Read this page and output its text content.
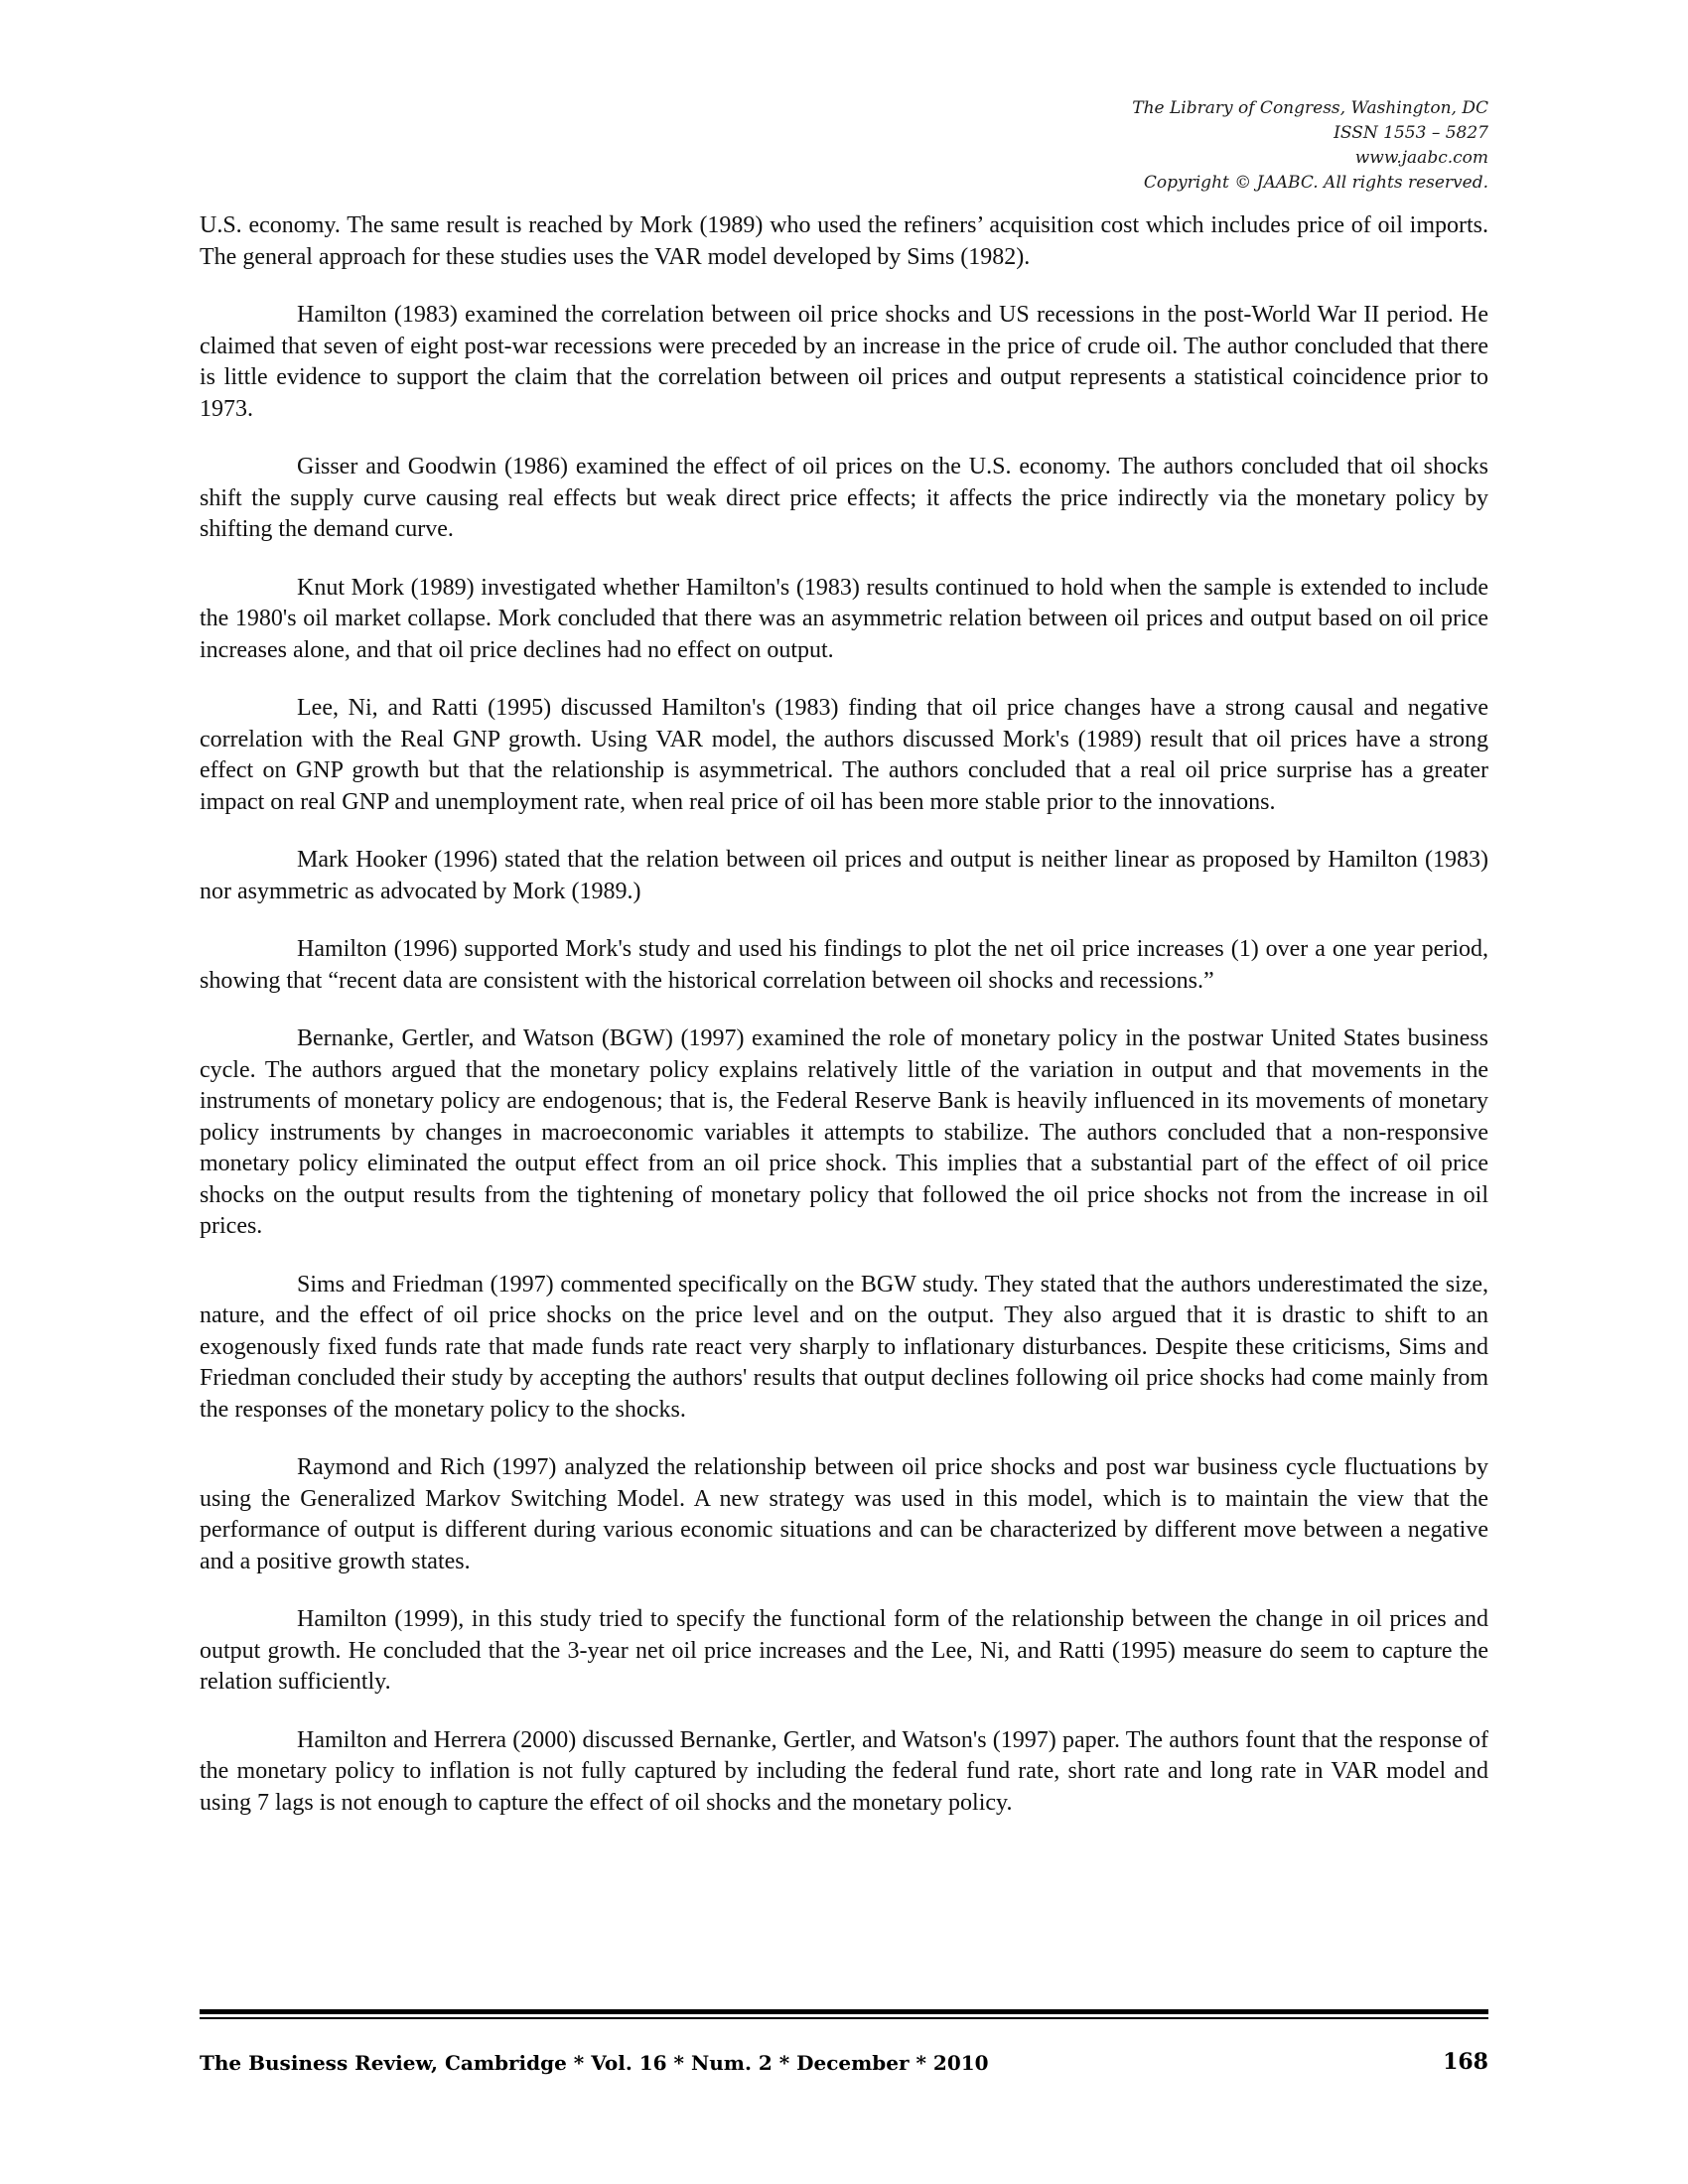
The Library of Congress, Washington, DC
ISSN 1553 – 5827
www.jaabc.com
Copyright © JAABC. All rights reserved.

U.S. economy. The same result is reached by Mork (1989) who used the refiners’ acquisition cost which includes price of oil imports. The general approach for these studies uses the VAR model developed by Sims (1982).

Hamilton (1983) examined the correlation between oil price shocks and US recessions in the post-World War II period. He claimed that seven of eight post-war recessions were preceded by an increase in the price of crude oil. The author concluded that there is little evidence to support the claim that the correlation between oil prices and output represents a statistical coincidence prior to 1973.

Gisser and Goodwin (1986) examined the effect of oil prices on the U.S. economy. The authors concluded that oil shocks shift the supply curve causing real effects but weak direct price effects; it affects the price indirectly via the monetary policy by shifting the demand curve.

Knut Mork (1989) investigated whether Hamilton's (1983) results continued to hold when the sample is extended to include the 1980's oil market collapse. Mork concluded that there was an asymmetric relation between oil prices and output based on oil price increases alone, and that oil price declines had no effect on output.

Lee, Ni, and Ratti (1995) discussed Hamilton's (1983) finding that oil price changes have a strong causal and negative correlation with the Real GNP growth. Using VAR model, the authors discussed Mork's (1989) result that oil prices have a strong effect on GNP growth but that the relationship is asymmetrical. The authors concluded that a real oil price surprise has a greater impact on real GNP and unemployment rate, when real price of oil has been more stable prior to the innovations.

Mark Hooker (1996) stated that the relation between oil prices and output is neither linear as proposed by Hamilton (1983) nor asymmetric as advocated by Mork (1989.)

Hamilton (1996) supported Mork's study and used his findings to plot the net oil price increases (1) over a one year period, showing that “recent data are consistent with the historical correlation between oil shocks and recessions.”

Bernanke, Gertler, and Watson (BGW) (1997) examined the role of monetary policy in the postwar United States business cycle. The authors argued that the monetary policy explains relatively little of the variation in output and that movements in the instruments of monetary policy are endogenous; that is, the Federal Reserve Bank is heavily influenced in its movements of monetary policy instruments by changes in macroeconomic variables it attempts to stabilize. The authors concluded that a non-responsive monetary policy eliminated the output effect from an oil price shock. This implies that a substantial part of the effect of oil price shocks on the output results from the tightening of monetary policy that followed the oil price shocks not from the increase in oil prices.

Sims and Friedman (1997) commented specifically on the BGW study. They stated that the authors underestimated the size, nature, and the effect of oil price shocks on the price level and on the output. They also argued that it is drastic to shift to an exogenously fixed funds rate that made funds rate react very sharply to inflationary disturbances. Despite these criticisms, Sims and Friedman concluded their study by accepting the authors' results that output declines following oil price shocks had come mainly from the responses of the monetary policy to the shocks.

Raymond and Rich (1997) analyzed the relationship between oil price shocks and post war business cycle fluctuations by using the Generalized Markov Switching Model. A new strategy was used in this model, which is to maintain the view that the performance of output is different during various economic situations and can be characterized by different move between a negative and a positive growth states.

Hamilton (1999), in this study tried to specify the functional form of the relationship between the change in oil prices and output growth. He concluded that the 3-year net oil price increases and the Lee, Ni, and Ratti (1995) measure do seem to capture the relation sufficiently.

Hamilton and Herrera (2000) discussed Bernanke, Gertler, and Watson's (1997) paper. The authors fount that the response of the monetary policy to inflation is not fully captured by including the federal fund rate, short rate and long rate in VAR model and using 7 lags is not enough to capture the effect of oil shocks and the monetary policy.

The Business Review, Cambridge * Vol. 16 * Num. 2 * December * 2010	168
